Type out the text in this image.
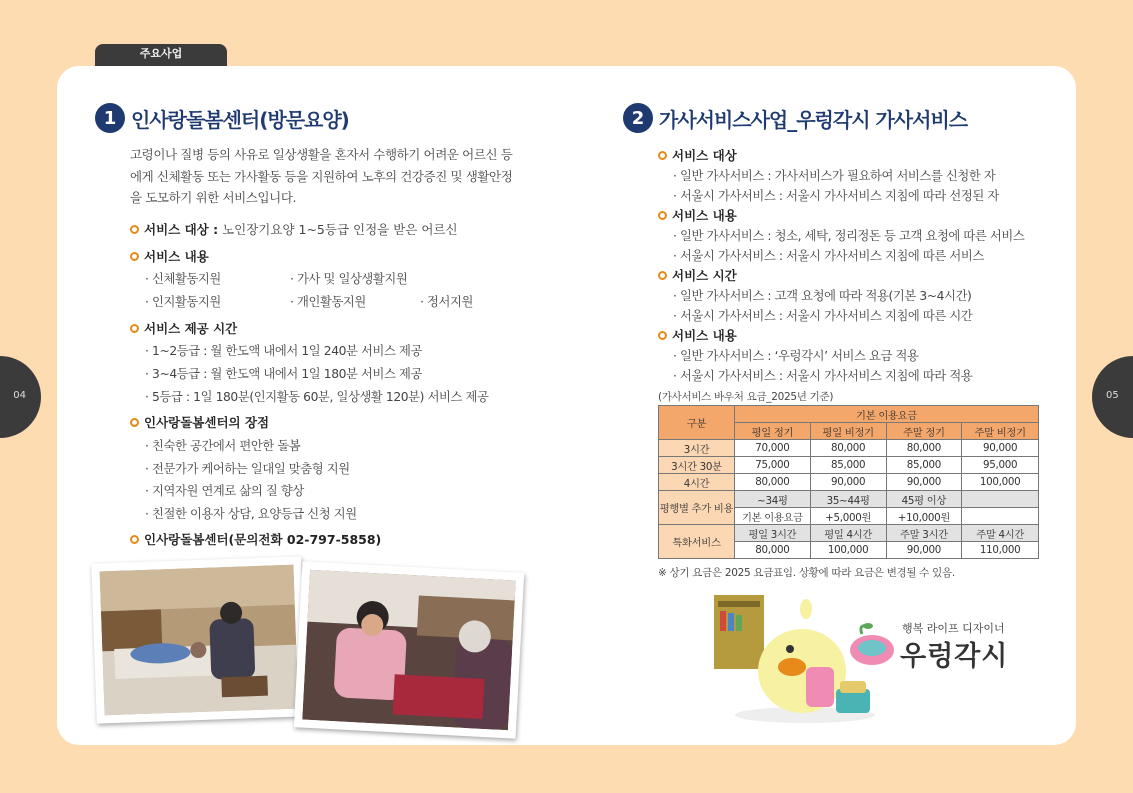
주요사업
04	05
1 인사랑돌봄센터(방문요양)
고령이나 질병 등의 사유로 일상생활을 혼자서 수행하기 어려운 어르신 등
에게 신체활동 또는 가사활동 등을 지원하여 노후의 건강증진 및 생활안정
을 도모하기 위한 서비스입니다.
서비스 대상 : 노인장기요양 1~5등급 인정을 받은 어르신
서비스 내용
· 신체활동지원	· 가사 및 일상생활지원
· 인지활동지원	· 개인활동지원	· 정서지원
서비스 제공 시간
· 1~2등급 : 월 한도액 내에서 1일 240분 서비스 제공
· 3~4등급 : 월 한도액 내에서 1일 180분 서비스 제공
· 5등급 : 1일 180분(인지활동 60분, 일상생활 120분) 서비스 제공
인사랑돌봄센터의 장점
· 친숙한 공간에서 편안한 돌봄
· 전문가가 케어하는 일대일 맞춤형 지원
· 지역자원 연계로 삶의 질 향상
· 친절한 이용자 상담, 요양등급 신청 지원
인사랑돌봄센터(문의전화 02-797-5858)
2 가사서비스사업_우렁각시 가사서비스
서비스 대상
· 일반 가사서비스 : 가사서비스가 필요하여 서비스를 신청한 자
· 서울시 가사서비스 : 서울시 가사서비스 지침에 따라 선정된 자
서비스 내용
· 일반 가사서비스 : 청소, 세탁, 정리정돈 등 고객 요청에 따른 서비스
· 서울시 가사서비스 : 서울시 가사서비스 지침에 따른 서비스
서비스 시간
· 일반 가사서비스 : 고객 요청에 따라 적용(기본 3~4시간)
· 서울시 가사서비스 : 서울시 가사서비스 지침에 따른 시간
서비스 내용
· 일반 가사서비스 : ‘우렁각시’ 서비스 요금 적용
· 서울시 가사서비스 : 서울시 가사서비스 지침에 따라 적용
(가사서비스 바우처 요금_2025년 기준)
구분	기본 이용요금			
	평일 정기	평일 비정기	주말 정기	주말 비정기
3시간	70,000	80,000	80,000	90,000
3시간 30분	75,000	85,000	85,000	95,000
4시간	80,000	90,000	90,000	100,000
평행별 추가 비용	~34평	35~44평	45평 이상	
	기본 이용요금	+5,000원	+10,000원	
특화서비스	평일 3시간	평일 4시간	주말 3시간	주말 4시간
	80,000	100,000	90,000	110,000
※ 상기 요금은 2025 요금표임. 상황에 따라 요금은 변경될 수 있음.
행복 라이프 디자이너
우렁각시
